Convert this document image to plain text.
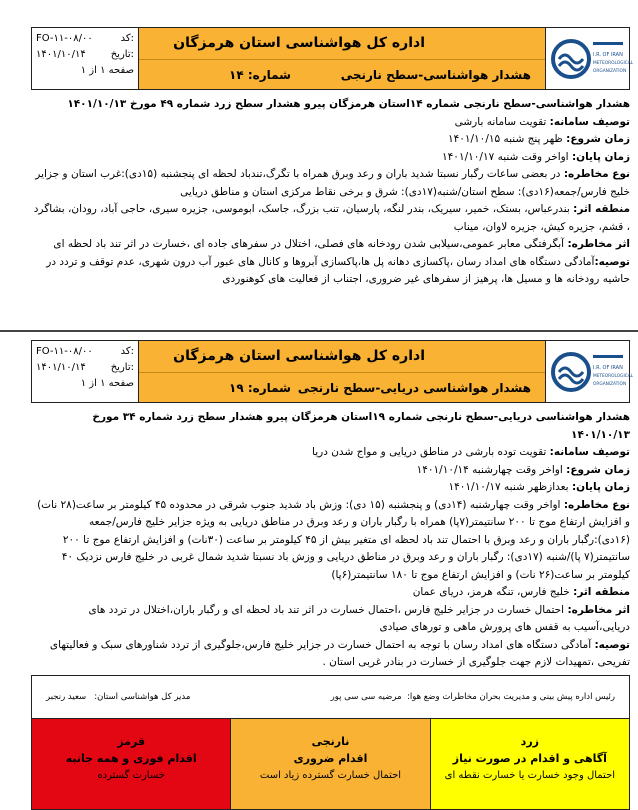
FO-۱۱-۰۸/۰۰	کد:
۱۴۰۱/۱۰/۱۴	تاریخ:
صفحه ۱ از ۱
اداره کل هواشناسی استان هرمزگان
هشدار هواشناسی-سطح نارنجی
شماره: ۱۴
I.R. OF IRAN
METEOROLOGICAL
ORGANIZATION

هشدار هواشناسی-سطح نارنجی شماره ۱۴استان هرمزگان پیرو هشدار سطح زرد شماره ۴۹ مورخ ۱۴۰۱/۱۰/۱۳

توصیف سامانه: تقویت سامانه بارشی

زمان شروع: ظهر پنج شنبه ۱۴۰۱/۱۰/۱۵

زمان پایان: اواخر وقت شنبه ۱۴۰۱/۱۰/۱۷

نوع مخاطره: در بعضی ساعات رگبار نسبتا شدید باران و رعد وبرق همراه با تگرگ،تندباد لحظه ای پنجشنبه (۱۵دی):غرب استان و جزایر خلیج فارس/جمعه(۱۶دی): سطح استان/شنبه(۱۷دی): شرق و برخی نقاط مرکزی استان و مناطق دریایی

منطقه اثر: بندرعباس، بستک، خمیر، سیریک، بندر لنگه، پارسیان، تنب بزرگ، جاسک، ابوموسی، جزیره سیری، حاجی آباد، رودان، بشاگرد ، قشم، جزیره کیش، جزیره لاوان، میناب

اثر مخاطره: آبگرفتگی معابر عمومی،سیلابی شدن رودخانه های فصلی، اختلال در سفرهای جاده ای ،خسارت در اثر تند باد لحظه ای

توصیه:آمادگی دستگاه های امداد رسان ،پاکسازی دهانه پل ها،پاکسازی آبروها و کانال های عبور آب درون شهری، عدم توقف و تردد در حاشیه رودخانه ها و مسیل ها، پرهیز از سفرهای غیر ضروری، اجتناب از فعالیت های کوهنوردی

FO-۱۱-۰۸/۰۰	کد:
۱۴۰۱/۱۰/۱۴	تاریخ:
صفحه ۱ از ۱
اداره کل هواشناسی استان هرمزگان
هشدار هواشناسی دریایی-سطح نارنجی
شماره: ۱۹
I.R. OF IRAN
METEOROLOGICAL
ORGANIZATION

هشدار هواشناسی دریایی-سطح نارنجی شماره ۱۹استان هرمزگان پیرو هشدار سطح زرد شماره ۳۴ مورخ ۱۴۰۱/۱۰/۱۳

توصیف سامانه: تقویت توده بارشی در مناطق دریایی و مواج شدن دریا

زمان شروع: اواخر وقت چهارشنبه ۱۴۰۱/۱۰/۱۴

زمان پایان: بعدازظهر شنبه ۱۴۰۱/۱۰/۱۷

نوع مخاطره: اواخر وقت چهارشنبه (۱۴دی) و پنجشنبه (۱۵ دی): وزش باد شدید جنوب شرقی در محدوده ۴۵ کیلومتر بر ساعت(۲۸ نات) و افزایش ارتفاع موج تا ۲۰۰ سانتیمتر(۷پا) همراه با رگبار باران و رعد وبرق در مناطق دریایی به ویژه جزایر خلیج فارس/جمعه (۱۶دی):رگبار باران و رعد وبرق با احتمال تند باد لحظه ای متغیر بیش از ۴۵ کیلومتر بر ساعت (۳۰نات) و افزایش ارتفاع موج تا ۲۰۰ سانتیمتر(۷ پا)/شنبه (۱۷دی): رگبار باران و رعد وبرق در مناطق دریایی و وزش باد نسبتا شدید شمال غربی در خلیج فارس نزدیک ۴۰ کیلومتر بر ساعت(۲۶ نات) و افزایش ارتفاع موج تا ۱۸۰ سانتیمتر(۶پا)

منطقه اثر: خلیج فارس، تنگه هرمز، دریای عمان

اثر مخاطره: احتمال خسارت در جزایر خلیج فارس ،احتمال خسارت در اثر تند باد لحظه ای و رگبار باران،اختلال در تردد های دریایی،آسیب به قفس های پرورش ماهی و تورهای صیادی

توصیه: آمادگی دستگاه های امداد رسان با توجه به احتمال خسارت در جزایر خلیج فارس،جلوگیری از تردد شناورهای سبک و فعالیتهای تفریحی ،تمهیدات لازم جهت جلوگیری از خسارت در بنادر غربی استان .

رئیس اداره پیش بینی و مدیریت بحران مخاطرات وضع هوا:  مرضیه سی سی پور
مدیر کل هواشناسی استان:   سعید رنجبر
زرد
آگاهی و اقدام در صورت نیاز
احتمال وجود خسارت یا خسارت نقطه ای
نارنجی
اقدام ضروری
احتمال خسارت گسترده زیاد است
قرمز
اقدام فوری و همه جانبه
خسارت گسترده
